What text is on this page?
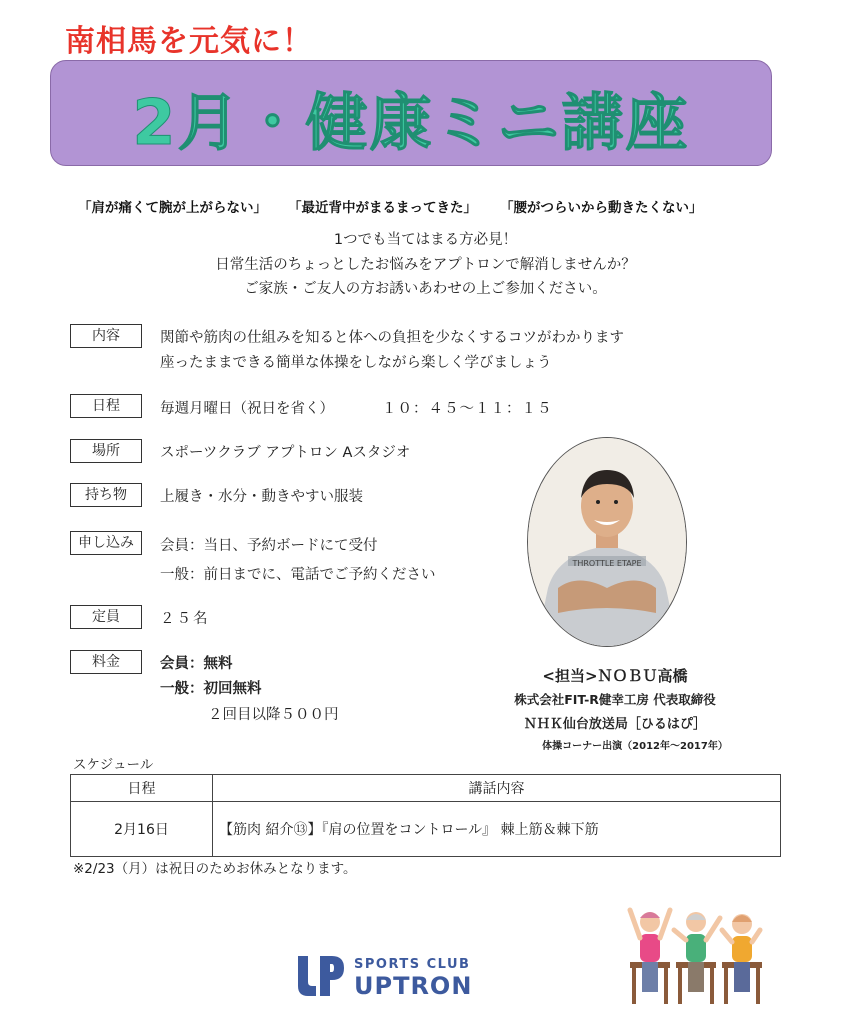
南相馬を元気に！
2月・健康ミニ講座
「肩が痛くて腕が上がらない」 「最近背中がまるまってきた」 「腰がつらいから動きたくない」
1つでも当てはまる方必見！
日常生活のちょっとしたお悩みをアプトロンで解消しませんか？
ご家族・ご友人の方お誘いあわせの上ご参加ください。
内容	関節や筋肉の仕組みを知ると体への負担を少なくするコツがわかります
座ったままできる簡単な体操をしながら楽しく学びましょう
日程	毎週月曜日（祝日を省く）	１０：４５～１１：１５
場所	スポーツクラブ アプトロン Aスタジオ
持ち物	上履き・水分・動きやすい服装
申し込み	会員：当日、予約ボードにて受付
一般：前日までに、電話でご予約ください
定員	２５名
料金	会員：無料
一般：初回無料
２回目以降５００円
THROTTLE ETAPE
<担当>ＮＯＢＵ高橋
株式会社FIT-R健幸工房 代表取締役
ＮＨＫ仙台放送局［ひるはぴ］
体操コーナー出演（2012年～2017年）
スケジュール
日程	講話内容
2月16日	【筋肉 紹介⑬】『肩の位置をコントロール』 棘上筋＆棘下筋
※2/23（月）は祝日のためお休みとなります。
SPORTS CLUB
UPTRON
